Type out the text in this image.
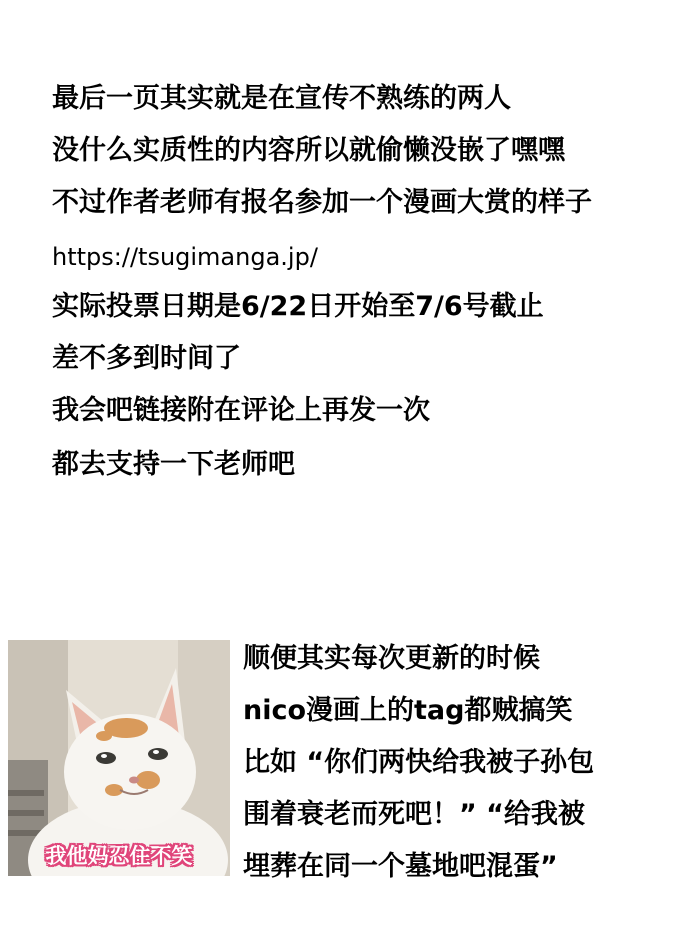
最后一页其实就是在宣传不熟练的两人
没什么实质性的内容所以就偷懒没嵌了嘿嘿
不过作者老师有报名参加一个漫画大赏的样子
https://tsugimanga.jp/
实际投票日期是6/22日开始至7/6号截止
差不多到时间了
我会吧链接附在评论上再发一次
都去支持一下老师吧
我他妈忍住不笑
顺便其实每次更新的时候
nico漫画上的tag都贼搞笑
比如 “你们两快给我被子孙包
围着衰老而死吧！” “给我被
埋葬在同一个墓地吧混蛋”
